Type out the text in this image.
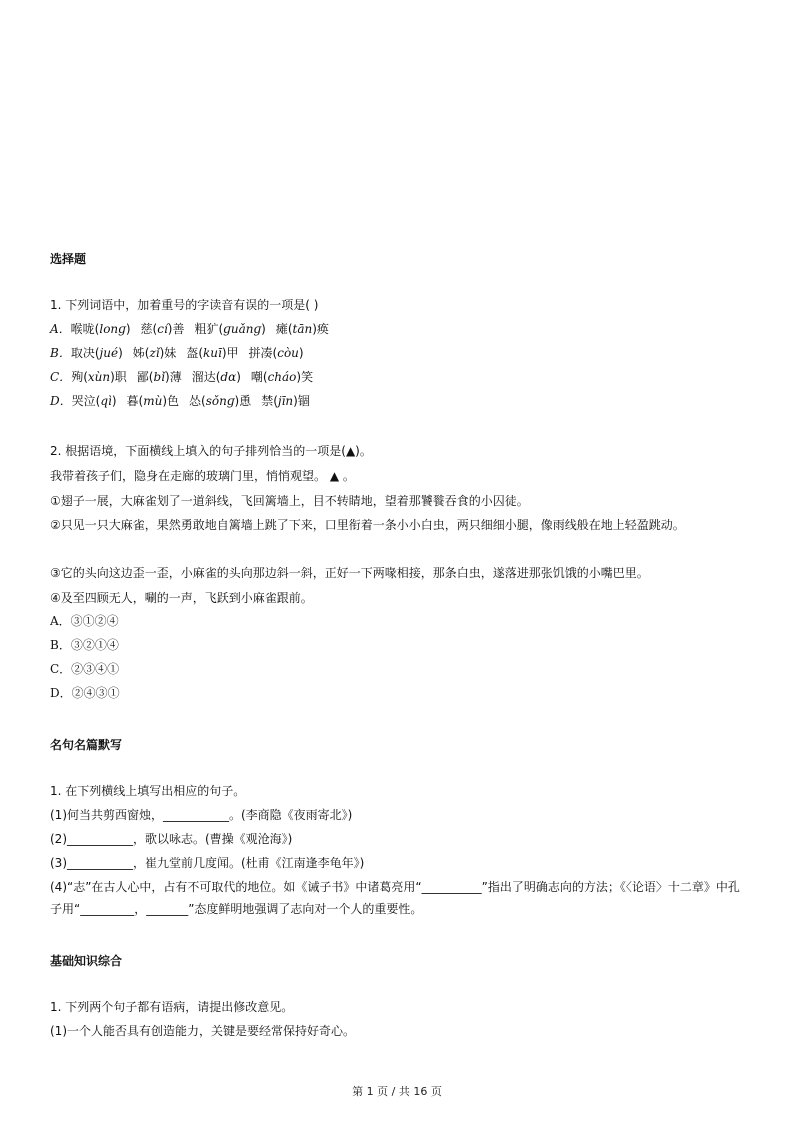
选择题
1. 下列词语中，加着重号的字读音有误的一项是( )
A．喉咙(lonɡ) 慈(cí)善 粗犷(ɡuǎnɡ) 瘫(tān)痪
B．取决(jué) 姊(zǐ)妹 盔(kuī)甲 拼凑(còu)
C．殉(xùn)职 鄙(bǐ)薄 溜达(dɑ) 嘲(cháo)笑
D．哭泣(qì) 暮(mù)色 怂(sǒnɡ)恿 禁(jīn)锢
2. 根据语境，下面横线上填入的句子排列恰当的一项是(▲)。
我带着孩子们，隐身在走廊的玻璃门里，悄悄观望。 ▲ 。
①翅子一展，大麻雀划了一道斜线，飞回篱墙上，目不转睛地，望着那饕餮吞食的小囚徒。
②只见一只大麻雀，果然勇敢地自篱墙上跳了下来，口里衔着一条小小白虫，两只细细小腿，像雨线般在地上轻盈跳动。
③它的头向这边歪一歪，小麻雀的头向那边斜一斜，正好一下两喙相接，那条白虫，遂落进那张饥饿的小嘴巴里。
④及至四顾无人，唰的一声，飞跃到小麻雀跟前。
A．③①②④
B．③②①④
C．②③④①
D．②④③①
名句名篇默写
1. 在下列横线上填写出相应的句子。
(1)何当共剪西窗烛，___________。(李商隐《夜雨寄北》)
(2)___________，歌以咏志。(曹操《观沧海》)
(3)___________，崔九堂前几度闻。(杜甫《江南逢李龟年》)
(4)“志”在古人心中，占有不可取代的地位。如《诫子书》中诸葛亮用“__________”指出了明确志向的方法；《〈论语〉十二章》中孔子用“_________，_______”态度鲜明地强调了志向对一个人的重要性。
基础知识综合
1. 下列两个句子都有语病，请提出修改意见。
(1)一个人能否具有创造能力，关键是要经常保持好奇心。
第 1 页 / 共 16 页
